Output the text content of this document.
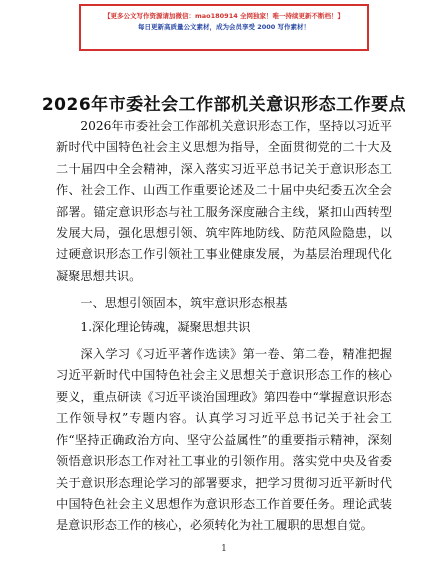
【更多公文写作资源请加微信：mao180914 全网独家！唯一持续更新不断档！】
每日更新高质量公文素材，成为会员享受 2000 写作素材！
2026年市委社会工作部机关意识形态工作要点

2026年市委社会工作部机关意识形态工作，坚持以习近平新时代中国特色社会主义思想为指导，全面贯彻党的二十大及二十届四中全会精神，深入落实习近平总书记关于意识形态工作、社会工作、山西工作重要论述及二十届中央纪委五次全会部署。锚定意识形态与社工服务深度融合主线，紧扣山西转型发展大局，强化思想引领、筑牢阵地防线、防范风险隐患，以过硬意识形态工作引领社工事业健康发展，为基层治理现代化凝聚思想共识。

一、思想引领固本，筑牢意识形态根基

1.深化理论铸魂，凝聚思想共识

深入学习《习近平著作选读》第一卷、第二卷，精准把握习近平新时代中国特色社会主义思想关于意识形态工作的核心要义，重点研读《习近平谈治国理政》第四卷中“掌握意识形态工作领导权”专题内容。认真学习习近平总书记关于社会工作“坚持正确政治方向、坚守公益属性”的重要指示精神，深刻领悟意识形态工作对社工事业的引领作用。落实党中央及省委关于意识形态理论学习的部署要求，把学习贯彻习近平新时代中国特色社会主义思想作为意识形态工作首要任务。理论武装是意识形态工作的核心，必须转化为社工履职的思想自觉。

1
